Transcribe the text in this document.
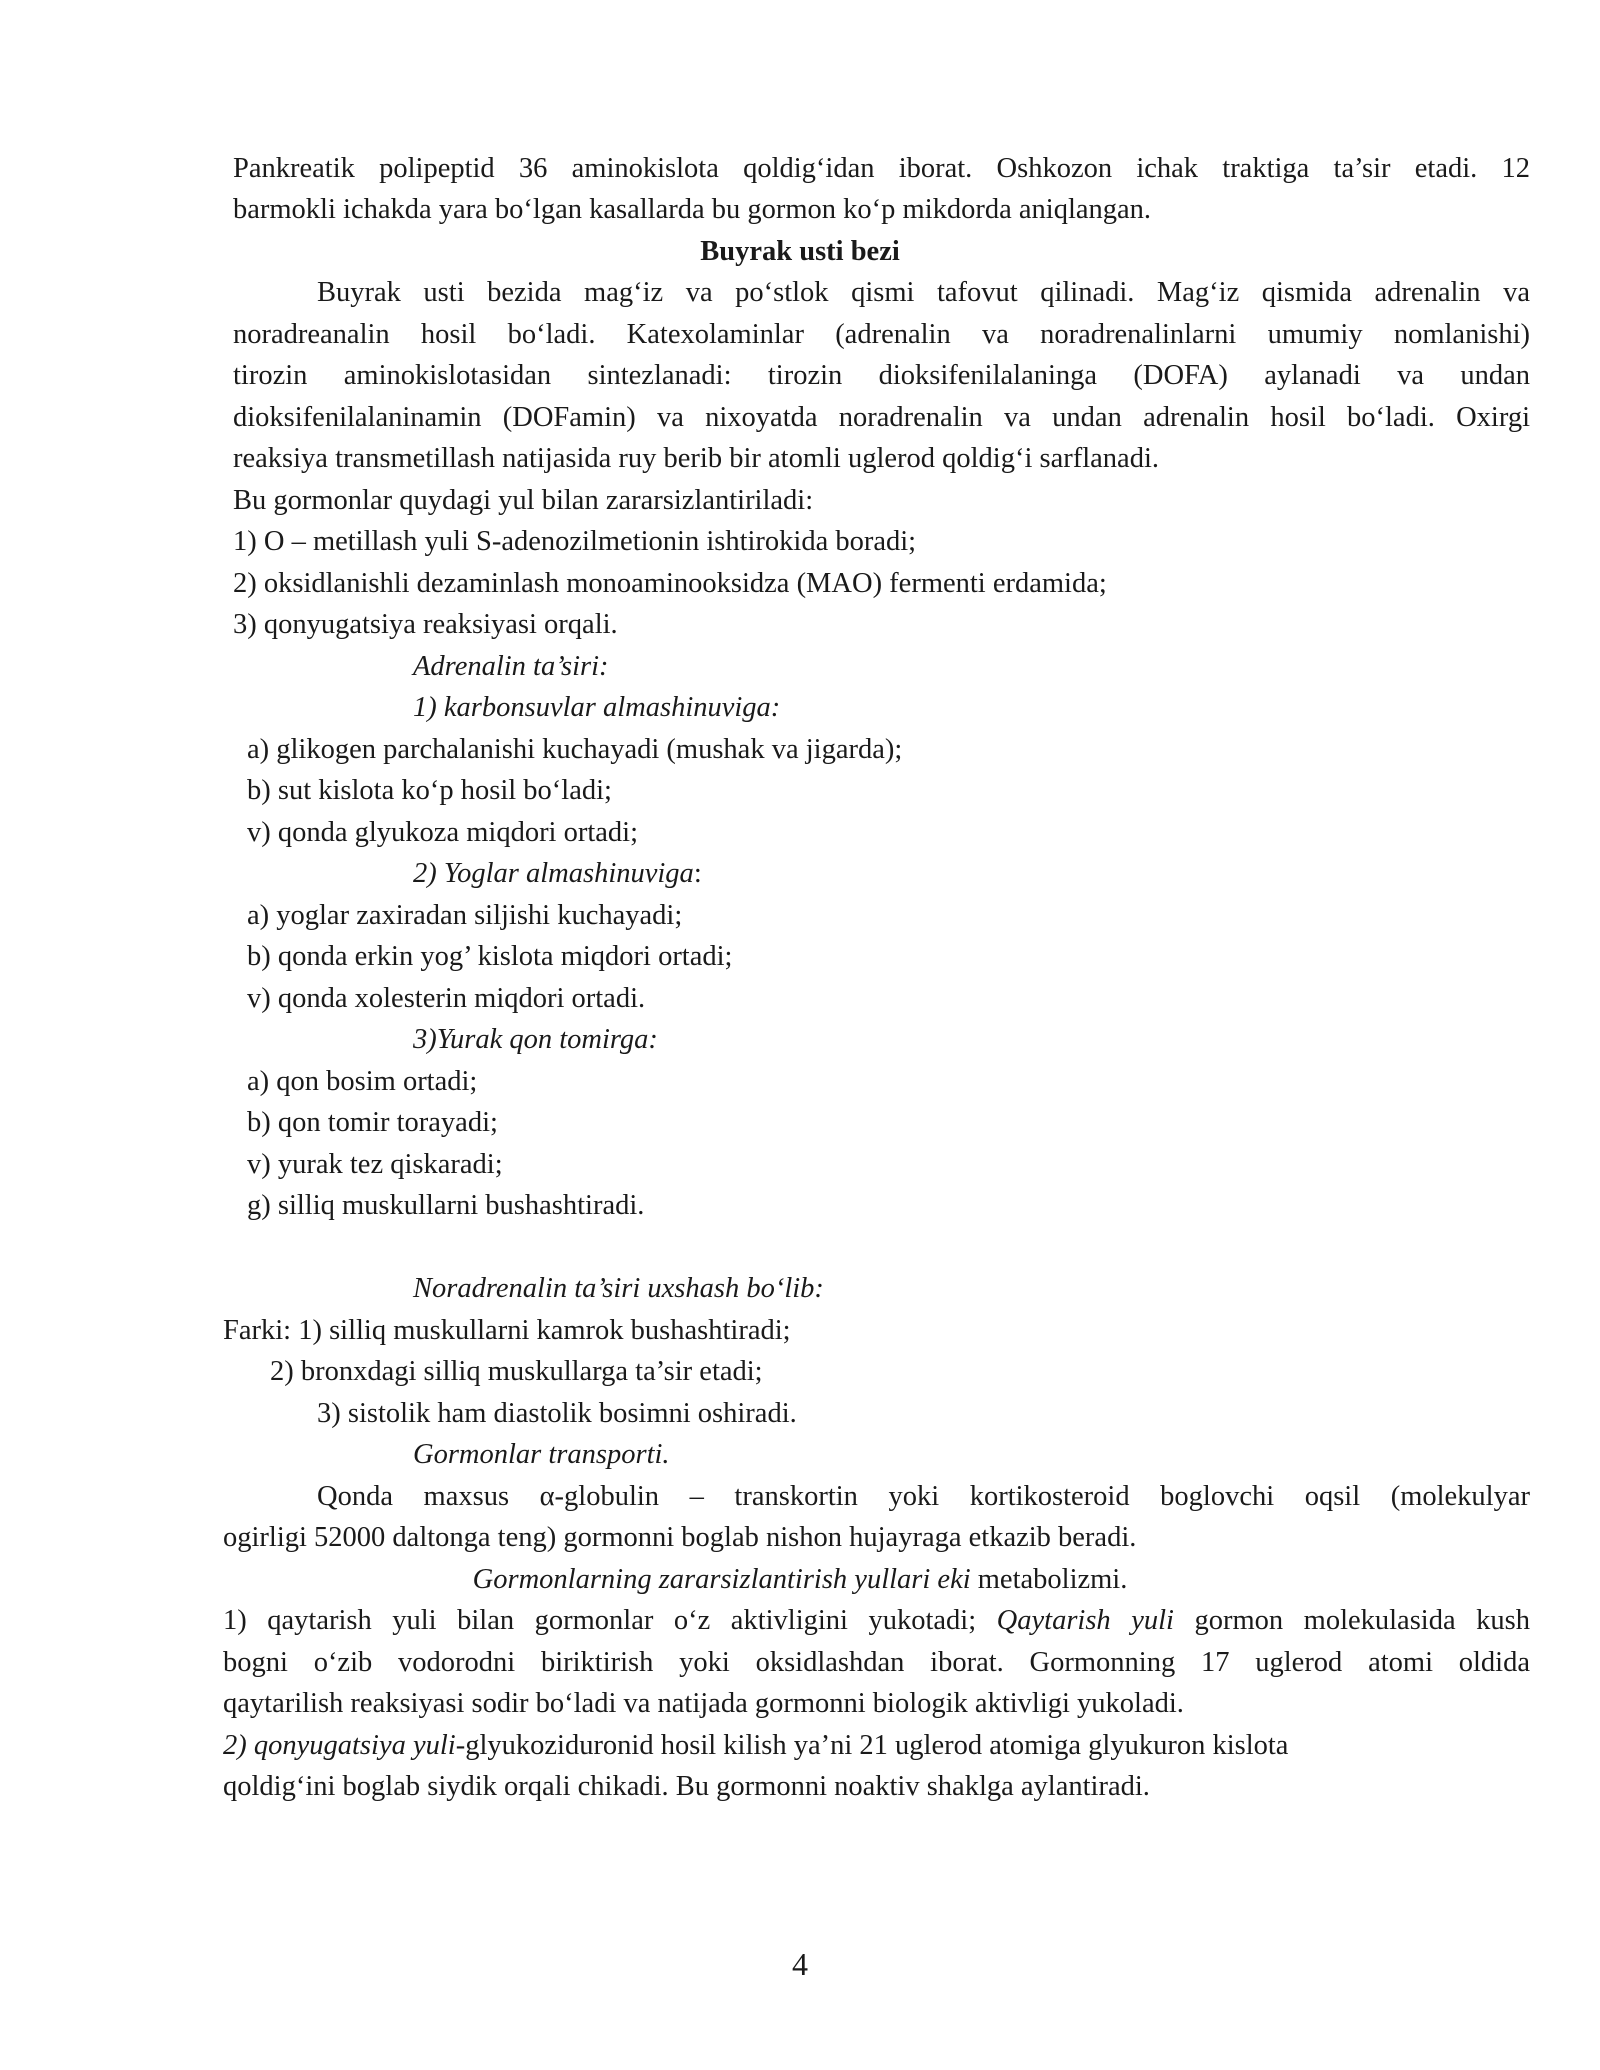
Pankreatik polipeptid 36 aminokislota qoldig‘idan iborat. Oshkozon ichak traktiga ta’sir etadi. 12
barmokli ichakda yara bo‘lgan kasallarda bu gormon ko‘p mikdorda aniqlangan.
Buyrak usti bezi
Buyrak usti bezida mag‘iz va po‘stlok qismi tafovut qilinadi. Mag‘iz qismida adrenalin va
noradreanalin hosil bo‘ladi. Katexolaminlar (adrenalin va noradrenalinlarni umumiy nomlanishi)
tirozin aminokislotasidan sintezlanadi: tirozin dioksifenilalaninga (DOFA) aylanadi va undan
dioksifenilalaninamin (DOFamin) va nixoyatda noradrenalin va undan adrenalin hosil bo‘ladi. Oxirgi
reaksiya transmetillash natijasida ruy berib bir atomli uglerod qoldig‘i sarflanadi.
Bu gormonlar quydagi yul bilan zararsizlantiriladi:
1) O – metillash yuli S-adenozilmetionin ishtirokida boradi;
2) oksidlanishli dezaminlash monoaminooksidza (MAO) fermenti erdamida;
3) qonyugatsiya reaksiyasi orqali.
Adrenalin ta’siri:
1) karbonsuvlar almashinuviga:
a) glikogen parchalanishi kuchayadi (mushak va jigarda);
b) sut kislota ko‘p hosil bo‘ladi;
v) qonda glyukoza miqdori ortadi;
2) Yoglar almashinuviga:
a) yoglar zaxiradan siljishi kuchayadi;
b) qonda erkin yog’ kislota miqdori ortadi;
v) qonda xolesterin miqdori ortadi.
3)Yurak qon tomirga:
a) qon bosim ortadi;
b) qon tomir torayadi;
v) yurak tez qiskaradi;
g) silliq muskullarni bushashtiradi.
Noradrenalin ta’siri uxshash bo‘lib:
Farki: 1) silliq muskullarni kamrok bushashtiradi;
2) bronxdagi silliq muskullarga ta’sir etadi;
3) sistolik ham diastolik bosimni oshiradi.
Gormonlar transporti.
Qonda maxsus α-globulin – transkortin yoki kortikosteroid boglovchi oqsil (molekulyar
ogirligi 52000 daltonga teng) gormonni boglab nishon hujayraga etkazib beradi.
Gormonlarning zararsizlantirish yullari eki metabolizmi.
1) qaytarish yuli bilan gormonlar o‘z aktivligini yukotadi; Qaytarish yuli gormon molekulasida kush
bogni o‘zib vodorodni biriktirish yoki oksidlashdan iborat. Gormonning 17 uglerod atomi oldida
qaytarilish reaksiyasi sodir bo‘ladi va natijada gormonni biologik aktivligi yukoladi.
2) qonyugatsiya yuli-glyukoziduronid hosil kilish ya’ni 21 uglerod atomiga glyukuron kislota
qoldig‘ini boglab siydik orqali chikadi. Bu gormonni noaktiv shaklga aylantiradi.
4
